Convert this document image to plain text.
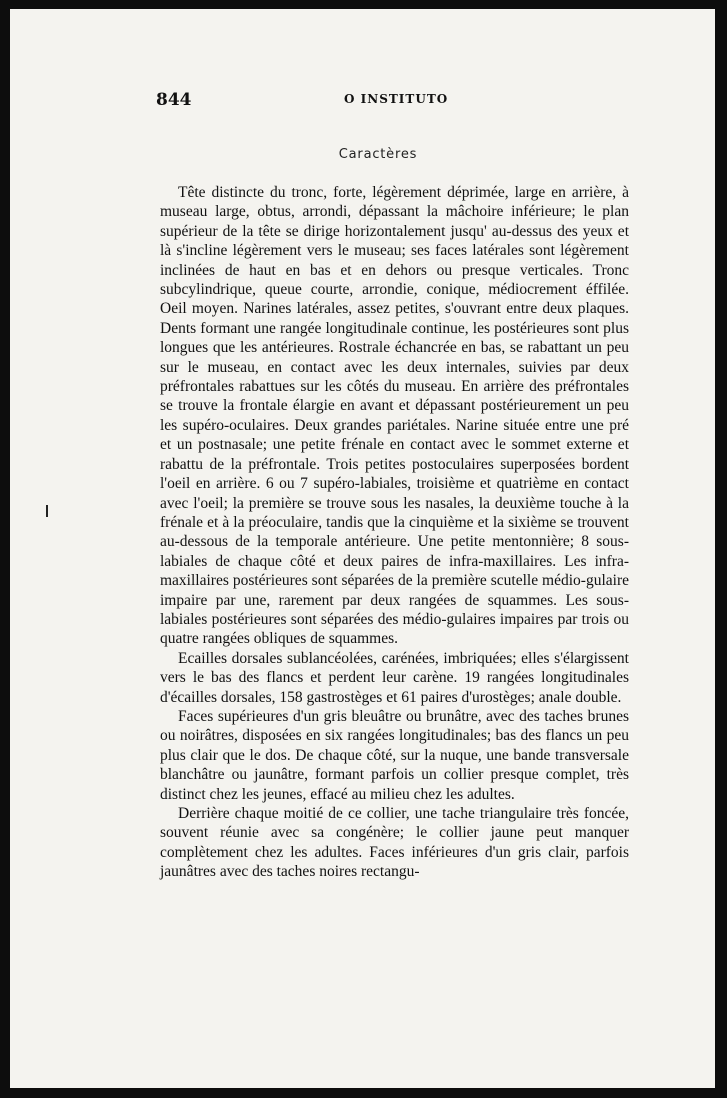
844	O INSTITUTO
Caractères

Tête distincte du tronc, forte, légèrement déprimée, large en arrière, à museau large, obtus, arrondi, dépassant la mâchoire inférieure; le plan supérieur de la tête se dirige horizontalement jusqu' au-dessus des yeux et là s'incline légèrement vers le museau; ses faces latérales sont légèrement inclinées de haut en bas et en dehors ou presque verticales. Tronc subcylindrique, queue courte, arrondie, conique, médiocrement éffilée. Oeil moyen. Narines latérales, assez petites, s'ouvrant entre deux plaques. Dents formant une rangée longitudinale continue, les postérieures sont plus longues que les antérieures. Rostrale échancrée en bas, se rabattant un peu sur le museau, en contact avec les deux internales, suivies par deux préfrontales rabattues sur les côtés du museau. En arrière des préfrontales se trouve la frontale élargie en avant et dépassant postérieurement un peu les supéro-oculaires. Deux grandes pariétales. Narine située entre une pré et un postnasale; une petite frénale en contact avec le sommet externe et rabattu de la préfrontale. Trois petites postoculaires superposées bordent l'oeil en arrière. 6 ou 7 supéro-labiales, troisième et quatrième en contact avec l'oeil; la première se trouve sous les nasales, la deuxième touche à la frénale et à la préoculaire, tandis que la cinquième et la sixième se trouvent au-dessous de la temporale antérieure. Une petite mentonnière; 8 sous-labiales de chaque côté et deux paires de infra-maxillaires. Les infra-maxillaires postérieures sont séparées de la première scutelle médio-gulaire impaire par une, rarement par deux rangées de squammes. Les sous-labiales postérieures sont séparées des médio-gulaires impaires par trois ou quatre rangées obliques de squammes.

Ecailles dorsales sublancéolées, carénées, imbriquées; elles s'élargissent vers le bas des flancs et perdent leur carène. 19 rangées longitudinales d'écailles dorsales, 158 gastrostèges et 61 paires d'urostèges; anale double.

Faces supérieures d'un gris bleuâtre ou brunâtre, avec des taches brunes ou noirâtres, disposées en six rangées longitudinales; bas des flancs un peu plus clair que le dos. De chaque côté, sur la nuque, une bande transversale blanchâtre ou jaunâtre, formant parfois un collier presque complet, très distinct chez les jeunes, effacé au milieu chez les adultes.

Derrière chaque moitié de ce collier, une tache triangulaire très foncée, souvent réunie avec sa congénère; le collier jaune peut manquer complètement chez les adultes. Faces inférieures d'un gris clair, parfois jaunâtres avec des taches noires rectangu-
